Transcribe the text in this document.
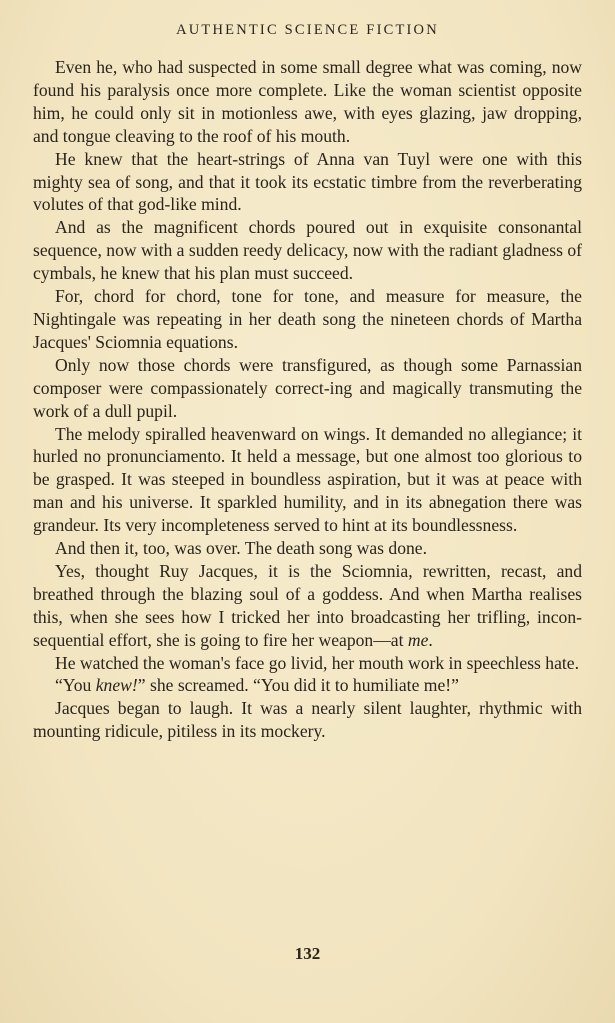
AUTHENTIC SCIENCE FICTION

Even he, who had suspected in some small degree what was coming, now found his paralysis once more complete. Like the woman scientist opposite him, he could only sit in motionless awe, with eyes glazing, jaw dropping, and tongue cleaving to the roof of his mouth.

He knew that the heart-strings of Anna van Tuyl were one with this mighty sea of song, and that it took its ecstatic timbre from the reverberating volutes of that god-like mind.

And as the magnificent chords poured out in exquisite consonantal sequence, now with a sudden reedy delicacy, now with the radiant gladness of cymbals, he knew that his plan must succeed.

For, chord for chord, tone for tone, and measure for measure, the Nightingale was repeating in her death song the nineteen chords of Martha Jacques' Sciomnia equations.

Only now those chords were transfigured, as though some Parnassian composer were compassionately correct-ing and magically transmuting the work of a dull pupil.

The melody spiralled heavenward on wings. It demanded no allegiance; it hurled no pronunciamento. It held a message, but one almost too glorious to be grasped. It was steeped in boundless aspiration, but it was at peace with man and his universe. It sparkled humility, and in its abnegation there was grandeur. Its very incompleteness served to hint at its boundlessness.

And then it, too, was over. The death song was done.

Yes, thought Ruy Jacques, it is the Sciomnia, rewritten, recast, and breathed through the blazing soul of a goddess. And when Martha realises this, when she sees how I tricked her into broadcasting her trifling, incon-sequential effort, she is going to fire her weapon—at me.

He watched the woman's face go livid, her mouth work in speechless hate.

“You knew!” she screamed. “You did it to humiliate me!”

Jacques began to laugh. It was a nearly silent laughter, rhythmic with mounting ridicule, pitiless in its mockery.

132
